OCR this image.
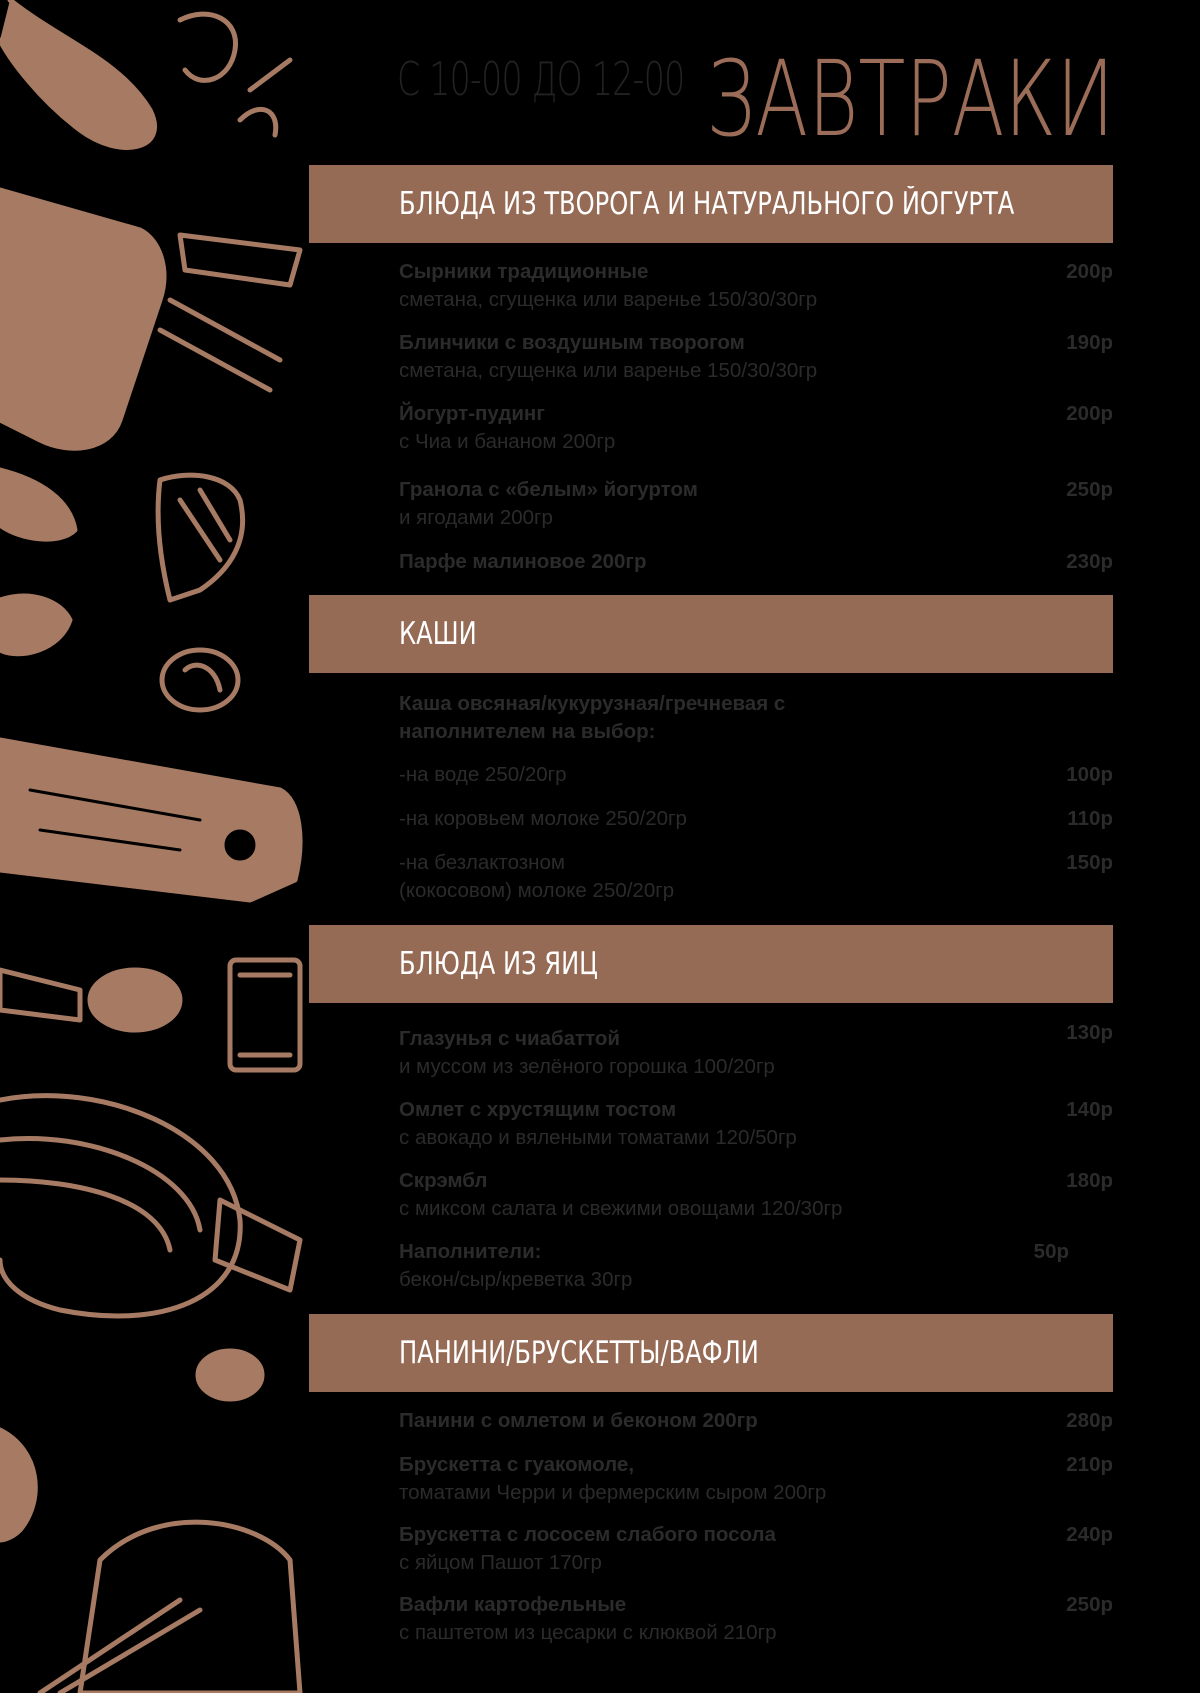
С 10-00 ДО 12-00 ЗАВТРАКИ
БЛЮДА ИЗ ТВОРОГА И НАТУРАЛЬНОГО ЙОГУРТА
Сырники традиционные
сметана, сгущенка или варенье 150/30/30гр
200р
Блинчики с воздушным творогом
сметана, сгущенка или варенье 150/30/30гр
190р
Йогурт-пудинг
с Чиа и бананом 200гр
200р
Гранола с «белым» йогуртом
и ягодами 200гр
250р
Парфе малиновое 200гр	230р
КАШИ
Каша овсяная/кукурузная/гречневая с
наполнителем на выбор:
-на воде 250/20гр	100р
-на коровьем молоке 250/20гр	110р
-на безлактозном
(кокосовом) молоке 250/20гр
150р
БЛЮДА ИЗ ЯИЦ
Глазунья с чиабаттой
и муссом из зелёного горошка 100/20гр
130р
Омлет с хрустящим тостом
с авокадо и вялеными томатами 120/50гр
140р
Скрэмбл
с миксом салата и свежими овощами 120/30гр
180р
Наполнители:
бекон/сыр/креветка 30гр
50р
ПАНИНИ/БРУСКЕТТЫ/ВАФЛИ
Панини с омлетом и беконом 200гр	280р
Брускетта с гуакомоле,
томатами Черри и фермерским сыром 200гр
210р
Брускетта с лососем слабого посола
с яйцом Пашот 170гр
240р
Вафли картофельные
с паштетом из цесарки с клюквой 210гр
250р
